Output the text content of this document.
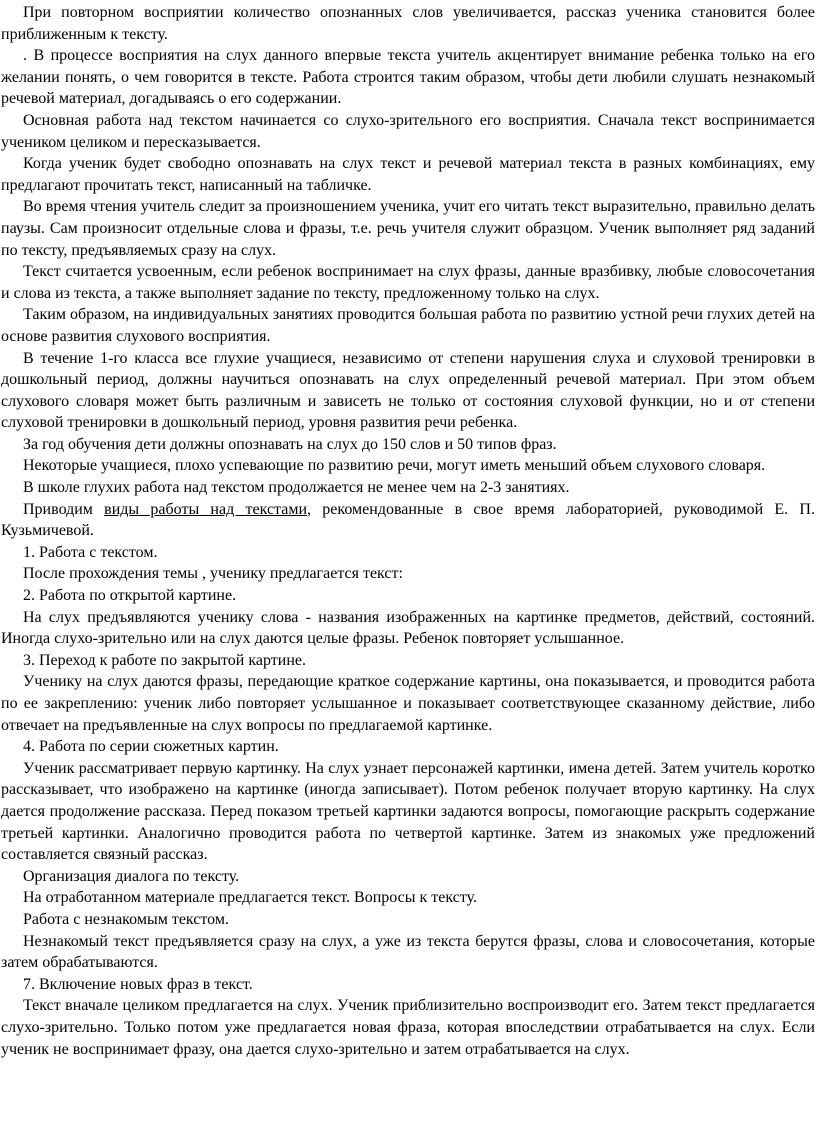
При повторном восприятии количество опознанных слов увеличивается, рассказ ученика становится более приближенным к тексту.

. В процессе восприятия на слух данного впервые текста учитель акцентирует внимание ребенка только на его желании понять, о чем говорится в тексте. Работа строится таким образом, чтобы дети любили слушать незнакомый речевой материал, догадываясь о его содержании.

Основная работа над текстом начинается со слухо-зрительного его восприятия. Сначала текст воспринимается учеником целиком и пересказывается.

Когда ученик будет свободно опознавать на слух текст и речевой материал текста в разных комбинациях, ему предлагают прочитать текст, написанный на табличке.

Во время чтения учитель следит за произношением ученика, учит его читать текст выразительно, правильно делать паузы. Сам произносит отдельные слова и фразы, т.е. речь учителя служит образцом. Ученик выполняет ряд заданий по тексту, предъявляемых сразу на слух.

Текст считается усвоенным, если ребенок воспринимает на слух фразы, данные вразбивку, любые словосочетания и слова из текста, а также выполняет задание по тексту, предложенному только на слух.

Таким образом, на индивидуальных занятиях проводится большая работа по развитию устной речи глухих детей на основе развития слухового восприятия.

В течение 1-го класса все глухие учащиеся, независимо от степени нарушения слуха и слуховой тренировки в дошкольный период, должны научиться опознавать на слух определенный речевой материал. При этом объем слухового словаря может быть различным и зависеть не только от состояния слуховой функции, но и от степени слуховой тренировки в дошкольный период, уровня развития речи ребенка.

За год обучения дети должны опознавать на слух до 150 слов и 50 типов фраз.

Некоторые учащиеся, плохо успевающие по развитию речи, могут иметь меньший объем слухового словаря.

В школе глухих работа над текстом продолжается не менее чем на 2-3 занятиях.

Приводим виды работы над текстами, рекомендованные в свое время лабораторией, руководимой Е. П. Кузьмичевой.

1. Работа с текстом.

После прохождения темы , ученику предлагается текст:

2. Работа по открытой картине.

На слух предъявляются ученику слова - названия изображенных на картинке предметов, действий, состояний. Иногда слухо-зрительно или на слух даются целые фразы. Ребенок повторяет услышанное.

3. Переход к работе по закрытой картине.

Ученику на слух даются фразы, передающие краткое содержание картины, она показывается, и проводится работа по ее закреплению: ученик либо повторяет услышанное и показывает соответствующее сказанному действие, либо отвечает на предъявленные на слух вопросы по предлагаемой картинке.

4. Работа по серии сюжетных картин.

Ученик рассматривает первую картинку. На слух узнает персонажей картинки, имена детей. Затем учитель коротко рассказывает, что изображено на картинке (иногда записывает). Потом ребенок получает вторую картинку. На слух дается продолжение рассказа. Перед показом третьей картинки задаются вопросы, помогающие раскрыть содержание третьей картинки. Аналогично проводится работа по четвертой картинке. Затем из знакомых уже предложений составляется связный рассказ.

Организация диалога по тексту.

На отработанном материале предлагается текст. Вопросы к тексту.

Работа с незнакомым текстом.

Незнакомый текст предъявляется сразу на слух, а уже из текста берутся фразы, слова и словосочетания, которые затем обрабатываются.

7. Включение новых фраз в текст.

Текст вначале целиком предлагается на слух. Ученик приблизительно воспроизводит его. Затем текст предлагается слухо-зрительно. Только потом уже предлагается новая фраза, которая впоследствии отрабатывается на слух. Если ученик не воспринимает фразу, она дается слухо-зрительно и затем отрабатывается на слух.
